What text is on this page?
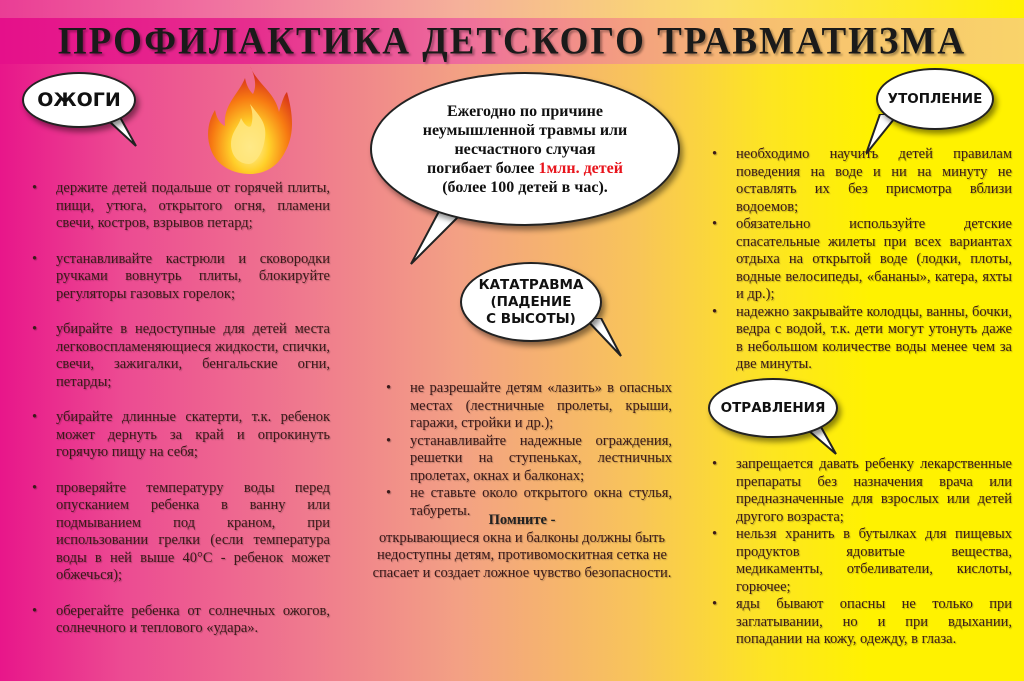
ПРОФИЛАКТИКА ДЕТСКОГО ТРАВМАТИЗМА
ОЖОГИ
• держите детей подальше от горячей плиты, пищи, утюга, открытого огня, пламени свечи, костров, взрывов петард;
• устанавливайте кастрюли и сковородки ручками вовнутрь плиты, блокируйте регуляторы газовых горелок;
• убирайте в недоступные для детей места легковоспламеняющиеся жидкости, спички, свечи, зажигалки, бенгальские огни, петарды;
• убирайте длинные скатерти, т.к. ребенок может дернуть за край и опрокинуть горячую пищу на себя;
• проверяйте температуру воды перед опусканием ребенка в ванну или подмыванием под краном, при использовании грелки (если температура воды в ней выше 40°C - ребенок может обжечься);
• оберегайте ребенка от солнечных ожогов, солнечного и теплового «удара».
Ежегодно по причине
неумышленной травмы или
несчастного случая
погибает более 1млн. детей
(более 100 детей в час).
КАТАТРАВМА
(ПАДЕНИЕ
С ВЫСОТЫ)
• не разрешайте детям «лазить» в опасных местах (лестничные пролеты, крыши, гаражи, стройки и др.);
• устанавливайте надежные ограждения, решетки на ступеньках, лестничных пролетах, окнах и балконах;
• не ставьте около открытого окна стулья, табуреты.
Помните -
открывающиеся окна и балконы должны быть недоступны детям, противомоскитная сетка не спасает и создает ложное чувство безопасности.
УТОПЛЕНИЕ
• необходимо научить детей правилам поведения на воде и ни на минуту не оставлять их без присмотра вблизи водоемов;
• обязательно используйте детские спасательные жилеты при всех вариантах отдыха на открытой воде (лодки, плоты, водные велосипеды, «бананы», катера, яхты и др.);
• надежно закрывайте колодцы, ванны, бочки, ведра с водой, т.к. дети могут утонуть даже в небольшом количестве воды менее чем за две минуты.
ОТРАВЛЕНИЯ
• запрещается давать ребенку лекарственные препараты без назначения врача или предназначенные для взрослых или детей другого возраста;
• нельзя хранить в бутылках для пищевых продуктов ядовитые вещества, медикаменты, отбеливатели, кислоты, горючее;
• яды бывают опасны не только при заглатывании, но и при вдыхании, попадании на кожу, одежду, в глаза.
